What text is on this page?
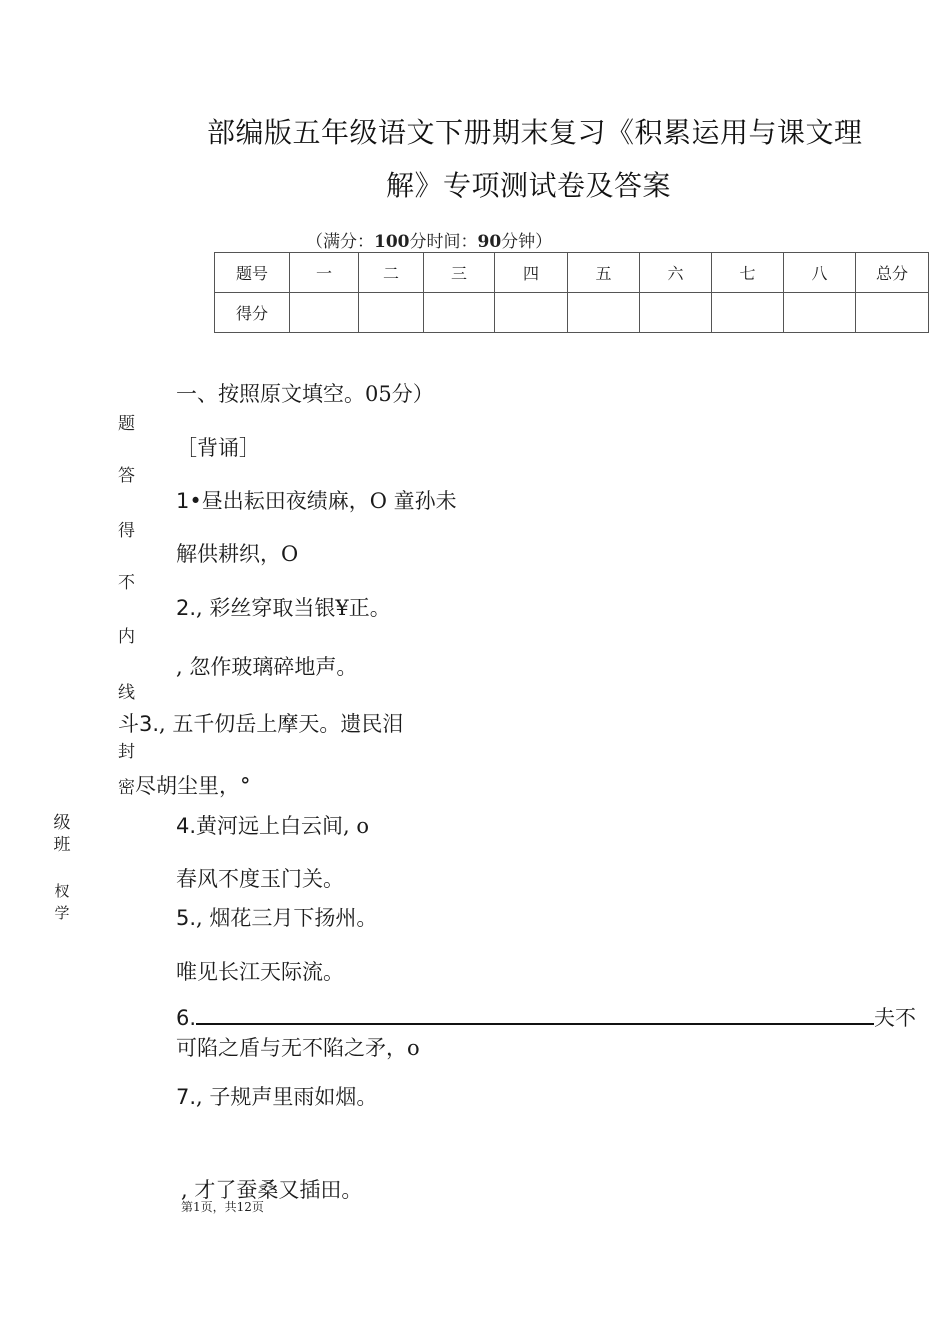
部编版五年级语文下册期末复习《积累运用与课文理
解》专项测试卷及答案
（满分：100分时间：90分钟）
题号	一	二	三	四	五	六	七	八	总分
得分									
一、按照原文填空。05分）
［背诵］
题
答
得
不
内
线
封
1•昼出耘田夜绩麻，O 童孙未
解供耕织，O
2., 彩丝穿取当银¥正。
, 忽作玻璃碎地声。
斗3., 五千仞岳上摩天。遗民泪
密尽胡尘里，°
4.黄河远上白云间, o
春风不度玉门关。
5., 烟花三月下扬州。
唯见长江天际流。
6.	夫不
可陷之盾与无不陷之矛，o
7., 子规声里雨如烟。
, 才了蚕桑又插田。
级班
杈学
第1页，共12页
